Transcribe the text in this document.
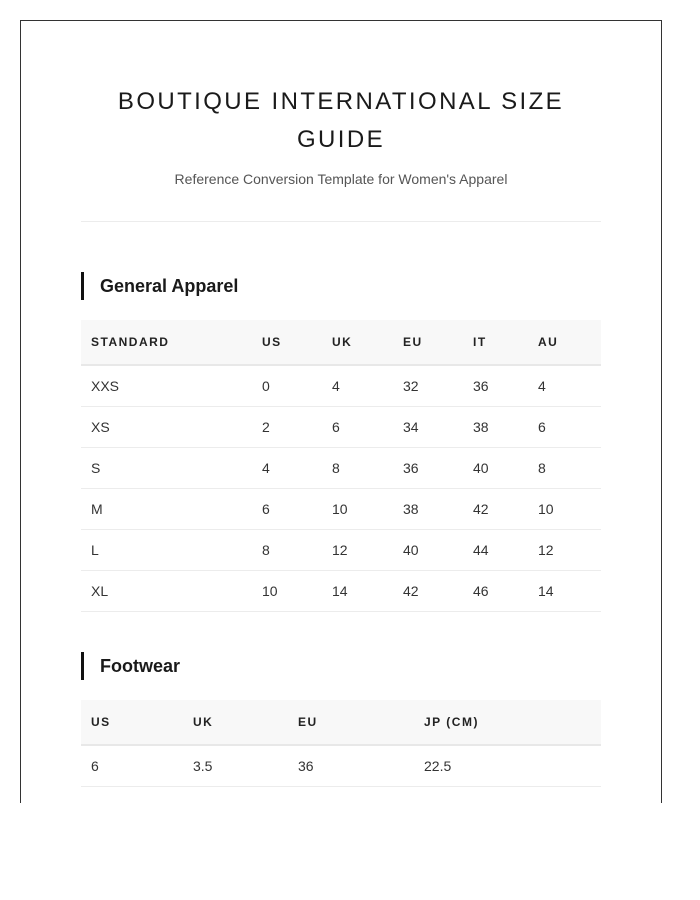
BOUTIQUE INTERNATIONAL SIZE GUIDE
Reference Conversion Template for Women's Apparel
General Apparel
STANDARD	US	UK	EU	IT	AU
XXS	0	4	32	36	4
XS	2	6	34	38	6
S	4	8	36	40	8
M	6	10	38	42	10
L	8	12	40	44	12
XL	10	14	42	46	14
Footwear
US	UK	EU	JP (CM)
6	3.5	36	22.5
